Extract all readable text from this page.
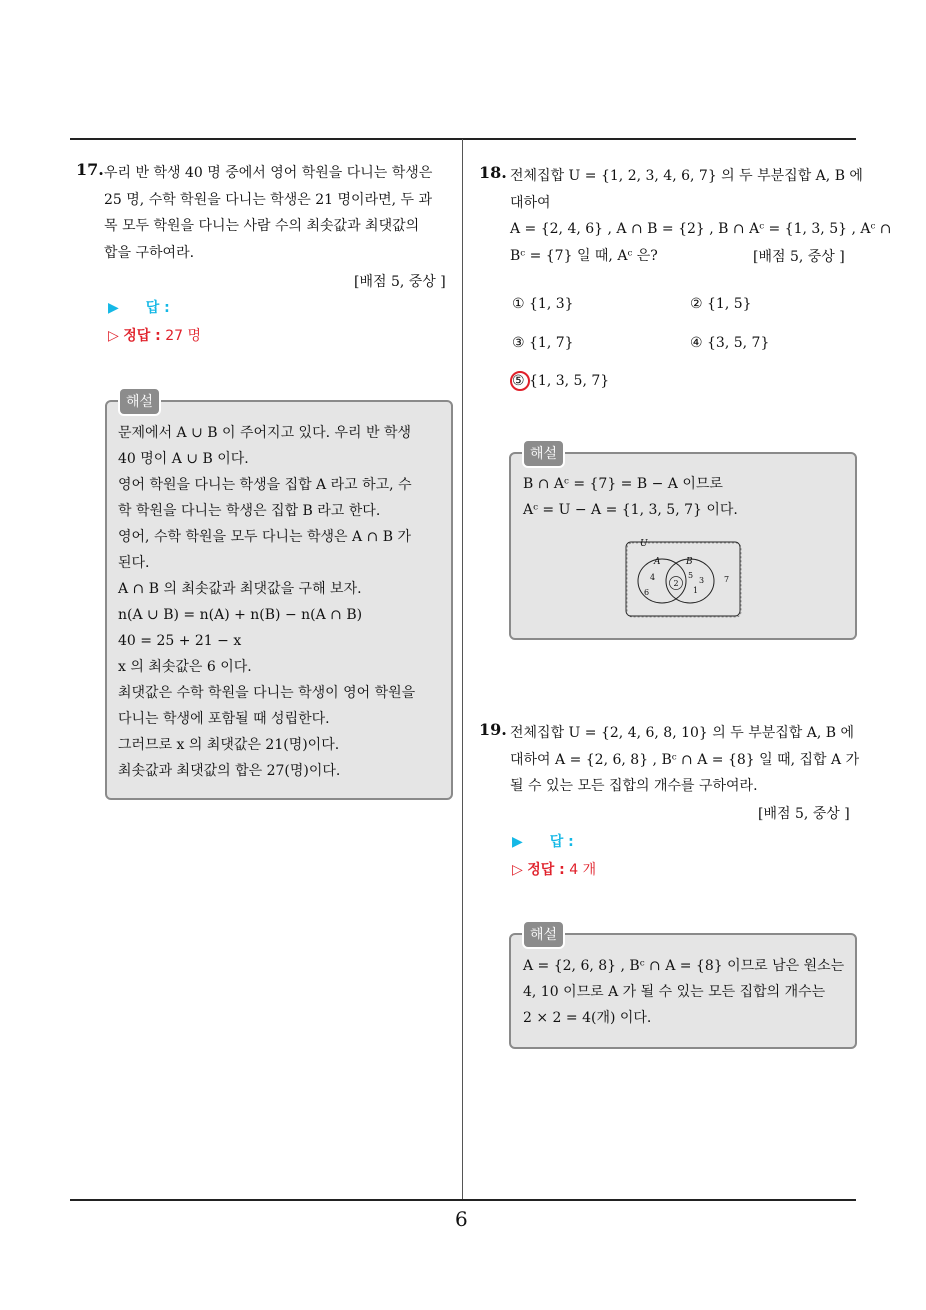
17. 우리 반 학생 40 명 중에서 영어 학원을 다니는 학생은

25 명, 수학 학원을 다니는 학생은 21 명이라면, 두 과

목 모두 학원을 다니는 사람 수의 최솟값과 최댓값의

합을 구하여라.

[배점 5, 중상 ]
▶ 답 :
▷ 정답 : 27 명
해설

문제에서 A ∪ B 이 주어지고 있다. 우리 반 학생

40 명이 A ∪ B 이다.

영어 학원을 다니는 학생을 집합 A 라고 하고, 수

학 학원을 다니는 학생은 집합 B 라고 한다.

영어, 수학 학원을 모두 다니는 학생은 A ∩ B 가

된다.

A ∩ B 의 최솟값과 최댓값을 구해 보자.

n(A ∪ B) = n(A) + n(B) − n(A ∩ B)

40 = 25 + 21 − x

x 의 최솟값은 6 이다.

최댓값은 수학 학원을 다니는 학생이 영어 학원을

다니는 학생에 포함될 때 성립한다.

그러므로 x 의 최댓값은 21(명)이다.

최솟값과 최댓값의 합은 27(명)이다.

18. 전체집합 U = {1, 2, 3, 4, 6, 7} 의 두 부분집합 A, B 에

대하여

A = {2, 4, 6} , A ∩ B = {2} , B ∩ Aᶜ = {1, 3, 5} , Aᶜ ∩

Bᶜ = {7} 일 때, Aᶜ 은?	[배점 5, 중상 ]
① {1, 3}	② {1, 5}
③ {1, 7}	④ {3, 5, 7}
⑤ {1, 3, 5, 7}
해설

B ∩ Aᶜ = {7} = B − A 이므로

Aᶜ = U − A = {1, 3, 5, 7} 이다.

U
A	B
4
6
2
5
3
1
7
19. 전체집합 U = {2, 4, 6, 8, 10} 의 두 부분집합 A, B 에

대하여 A = {2, 6, 8} , Bᶜ ∩ A = {8} 일 때, 집합 A 가

될 수 있는 모든 집합의 개수를 구하여라.

[배점 5, 중상 ]
▶ 답 :
▷ 정답 : 4 개
해설

A = {2, 6, 8} , Bᶜ ∩ A = {8} 이므로 남은 원소는

4, 10 이므로 A 가 될 수 있는 모든 집합의 개수는

2 × 2 = 4(개) 이다.

6
